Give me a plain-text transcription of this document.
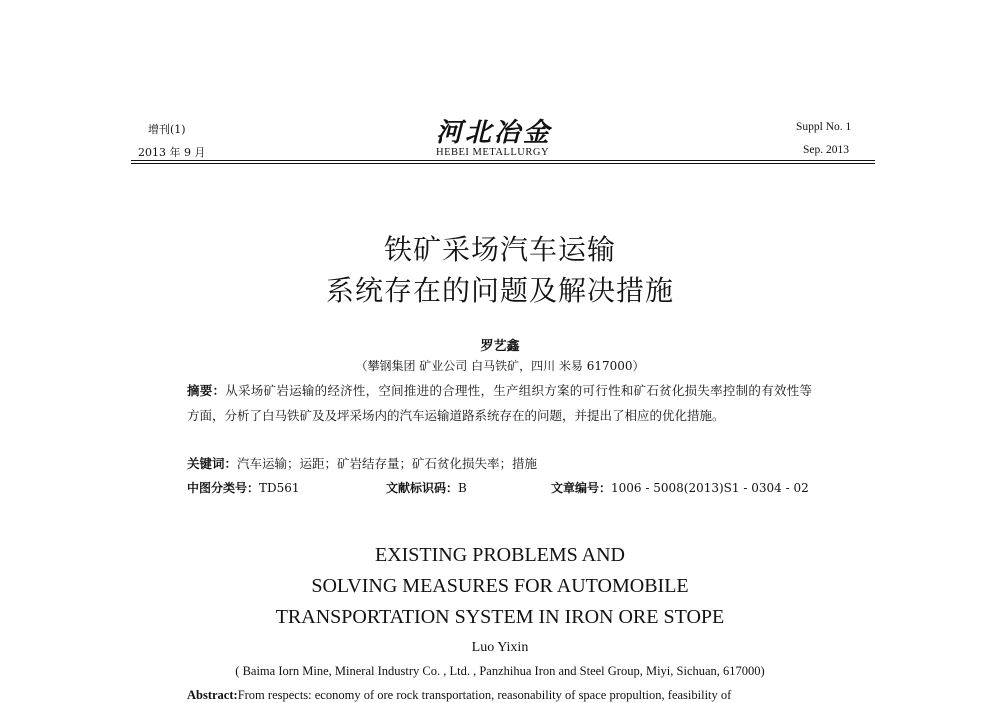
增刊(1)
2013 年 9 月
河北冶金
HEBEI METALLURGY
Suppl No. 1
Sep. 2013
铁矿采场汽车运输
系统存在的问题及解决措施
罗艺鑫
（攀钢集团 矿业公司 白马铁矿，四川 米易 617000）
摘要：从采场矿岩运输的经济性，空间推进的合理性，生产组织方案的可行性和矿石贫化损失率控制的有效性等方面，分析了白马铁矿及及坪采场内的汽车运输道路系统存在的问题，并提出了相应的优化措施。
关键词：汽车运输；运距；矿岩结存量；矿石贫化损失率；措施
中图分类号：TD561	文献标识码：B	文章编号：1006 - 5008(2013)S1 - 0304 - 02
EXISTING PROBLEMS AND
SOLVING MEASURES FOR AUTOMOBILE
TRANSPORTATION SYSTEM IN IRON ORE STOPE
Luo Yixin
( Baima Iorn Mine, Mineral Industry Co. , Ltd. , Panzhihua Iron and Steel Group, Miyi, Sichuan, 617000)
Abstract:From respects: economy of ore rock transportation, reasonability of space propultion, feasibility of
